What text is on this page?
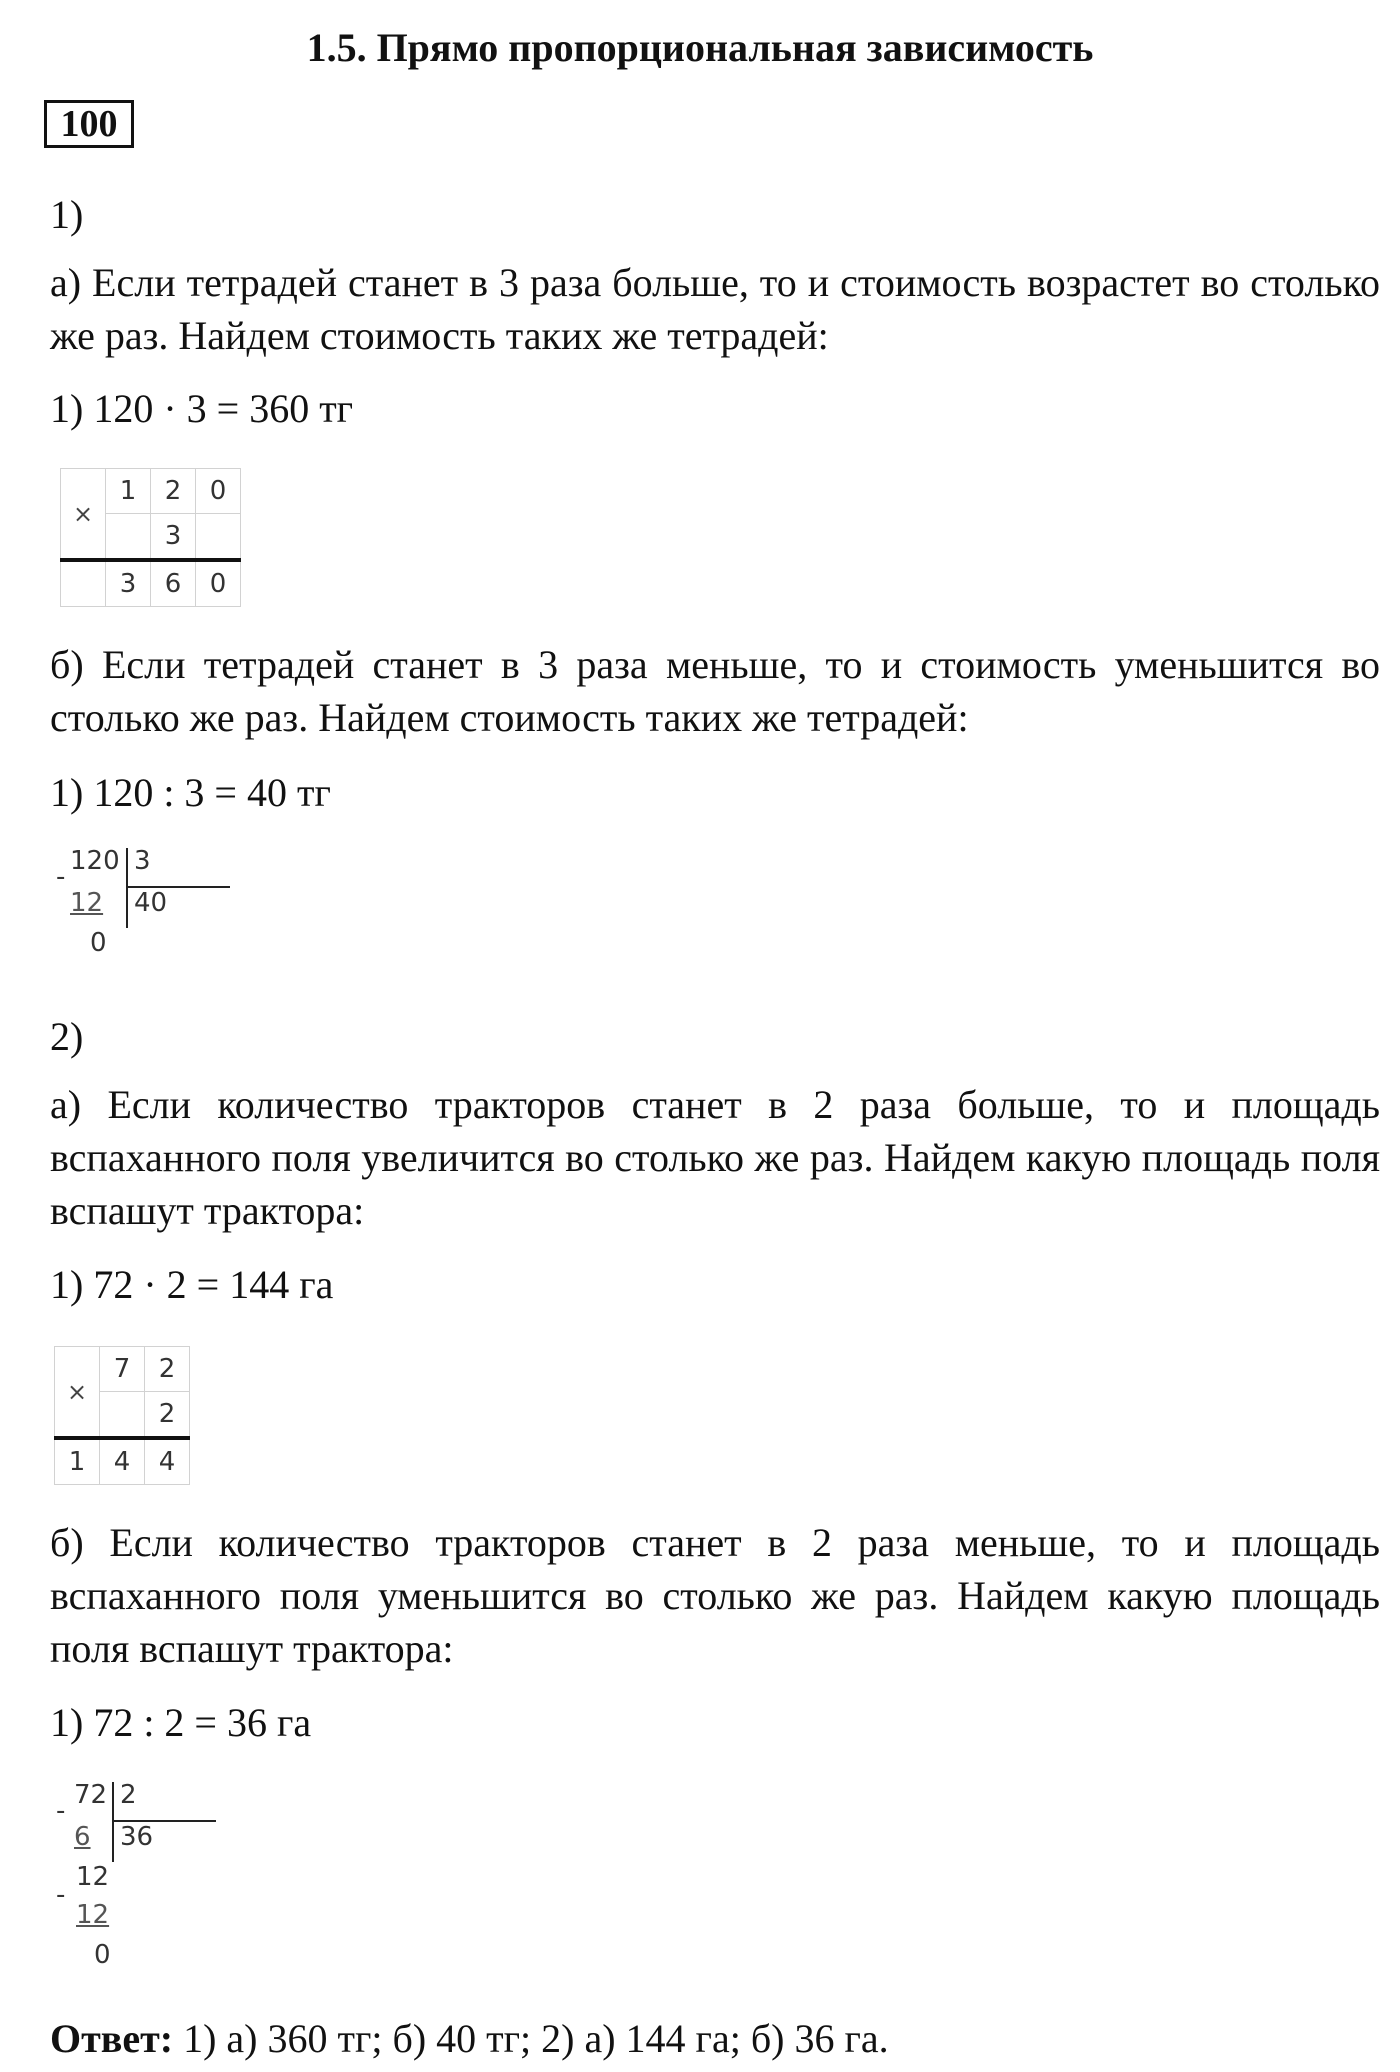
1.5. Прямо пропорциональная зависимость
100
1)
а) Если тетрадей станет в 3 раза больше, то и стоимость возрастет во столько же раз. Найдем стоимость таких же тетрадей:
1) 120 · 3 = 360 тг
×	1	2	0
		3	
	3	6	0
б) Если тетрадей станет в 3 раза меньше, то и стоимость уменьшится во столько же раз. Найдем стоимость таких же тетрадей:
1) 120 : 3 = 40 тг
-
120 3
12 40
0
2)
а) Если количество тракторов станет в 2 раза больше, то и площадь вспаханного поля увеличится во столько же раз. Найдем какую площадь поля вспашут трактора:
1) 72 · 2 = 144 га
×	7	2
		2
1	4	4
б) Если количество тракторов станет в 2 раза меньше, то и площадь вспаханного поля уменьшится во столько же раз. Найдем какую площадь поля вспашут трактора:
1) 72 : 2 = 36 га
-
72 2
6 36
12
-
12
0
Ответ: 1) а) 360 тг; б) 40 тг; 2) а) 144 га; б) 36 га.
